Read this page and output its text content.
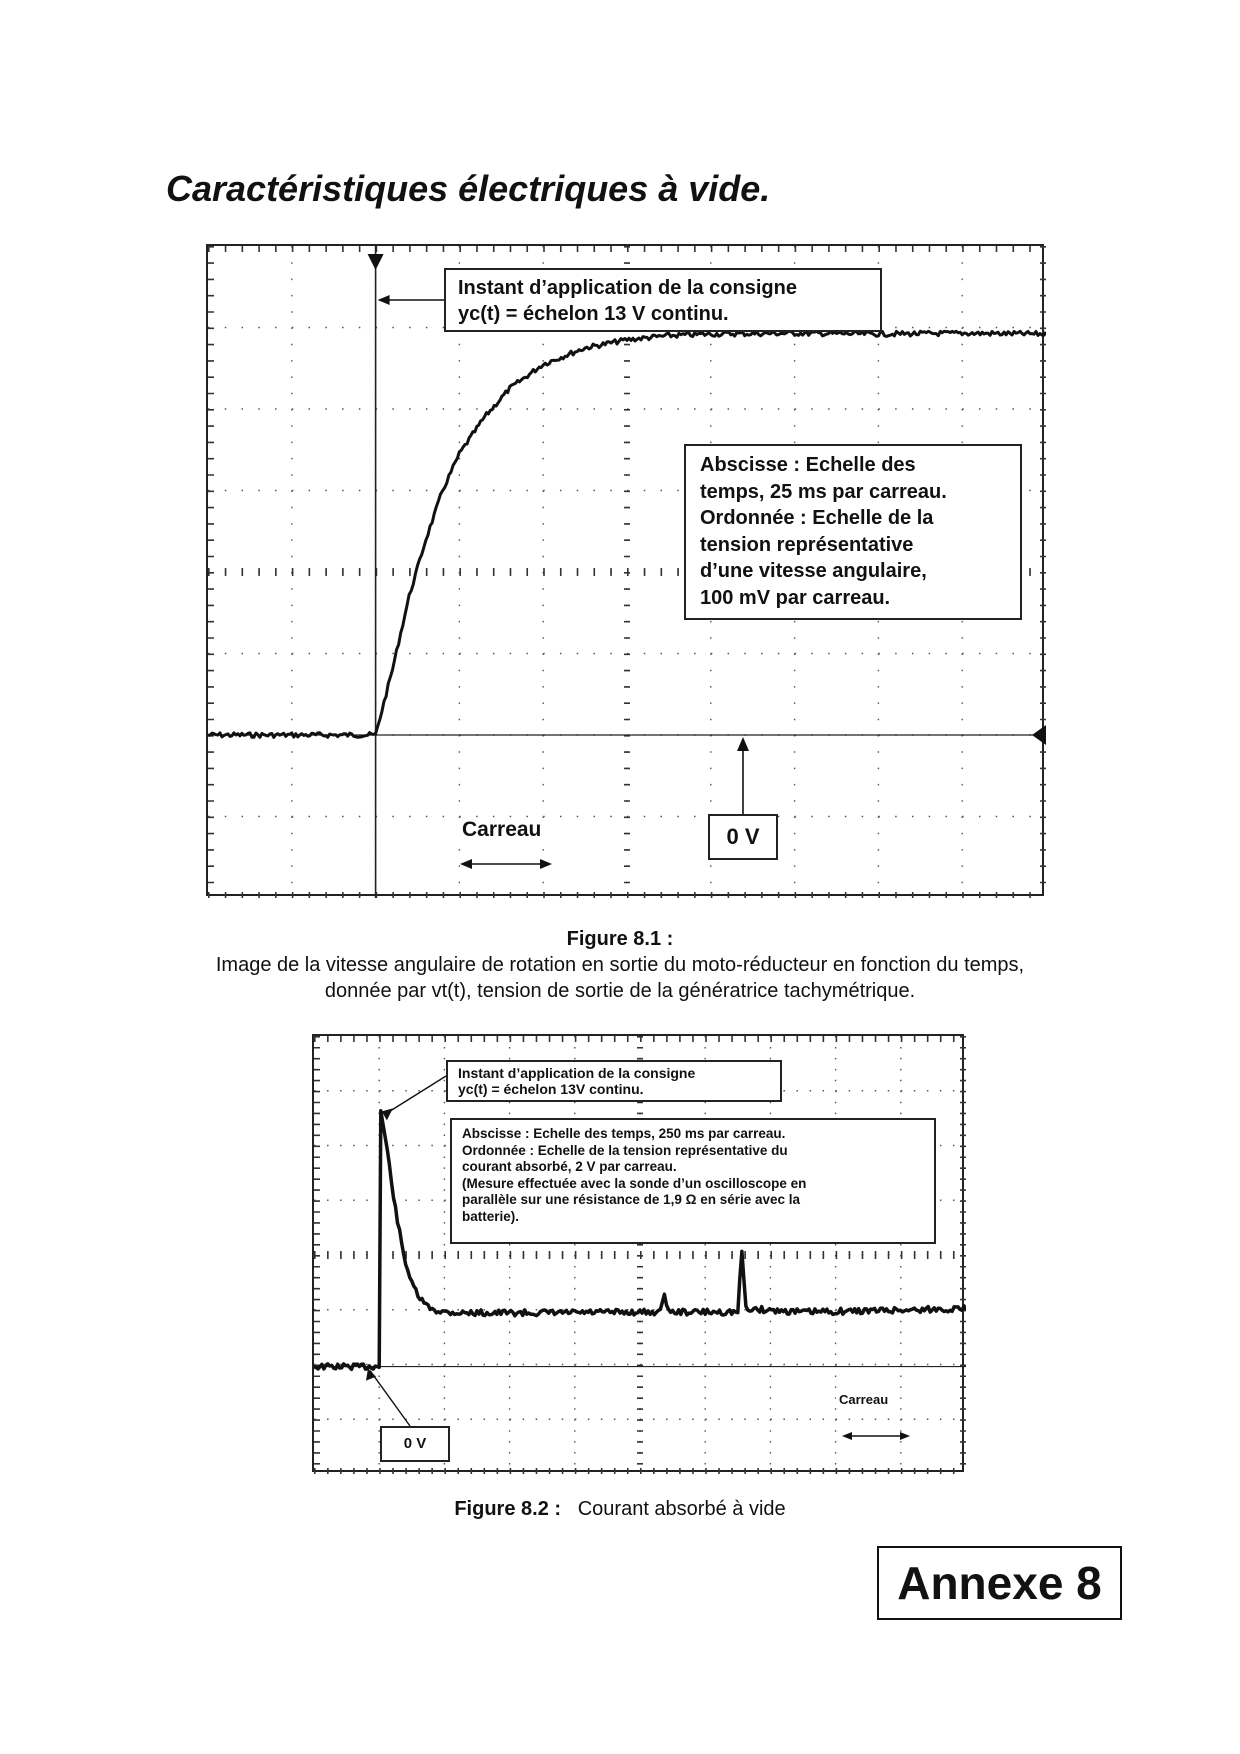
Caractéristiques électriques à vide.
Instant d’application de la consigne
yc(t) = échelon 13 V continu.
Abscisse : Echelle des
temps, 25 ms par carreau.
Ordonnée : Echelle de la
tension représentative
d’une vitesse angulaire,
100 mV par carreau.
Carreau	0 V
Figure 8.1 :
Image de la vitesse angulaire de rotation en sortie du moto-réducteur en fonction du temps,
donnée par vt(t), tension de sortie de la génératrice tachymétrique.
Instant d’application de la consigne
yc(t) = échelon 13V continu.
Abscisse : Echelle des temps, 250 ms par carreau.
Ordonnée : Echelle de la tension représentative du
courant absorbé, 2 V par carreau.
(Mesure effectuée avec la sonde d’un oscilloscope en
parallèle sur une résistance de 1,9 Ω en série avec la
batterie).
Carreau
0 V
Figure 8.2 : Courant absorbé à vide
Annexe 8
